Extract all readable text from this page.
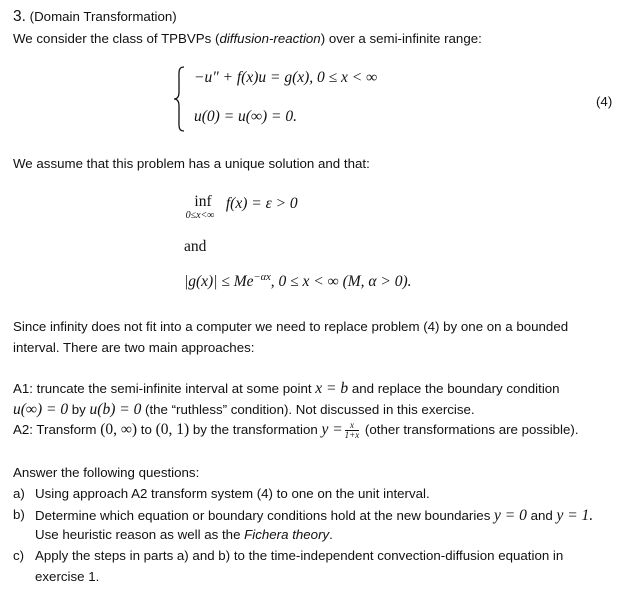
3. (Domain Transformation)
We consider the class of TPBVPs (diffusion-reaction) over a semi-infinite range:
−u″ + f(x)u = g(x), 0 ≤ x < ∞
u(0) = u(∞) = 0.
(4)
We assume that this problem has a unique solution and that:
inf
0≤x<∞
f(x) = ε > 0
and
$|g(x)| \le Me^{-\alpha x}$, 0 ≤ x < ∞ (M, α > 0).
Since infinity does not fit into a computer we need to replace problem (4) by one on a bounded
interval. There are two main approaches:
A1: truncate the semi-infinite interval at some point x = b and replace the boundary condition
u(∞) = 0 by u(b) = 0 (the “ruthless” condition). Not discussed in this exercise.
A2: Transform (0, ∞) to (0, 1) by the transformation $y = \frac{x}{1+x}$ (other transformations are possible).
Answer the following questions:
a) Using approach A2 transform system (4) to one on the unit interval.
b) Determine which equation or boundary conditions hold at the new boundaries y = 0 and y = 1.
Use heuristic reason as well as the Fichera theory.
c) Apply the steps in parts a) and b) to the time-independent convection-diffusion equation in
exercise 1.
